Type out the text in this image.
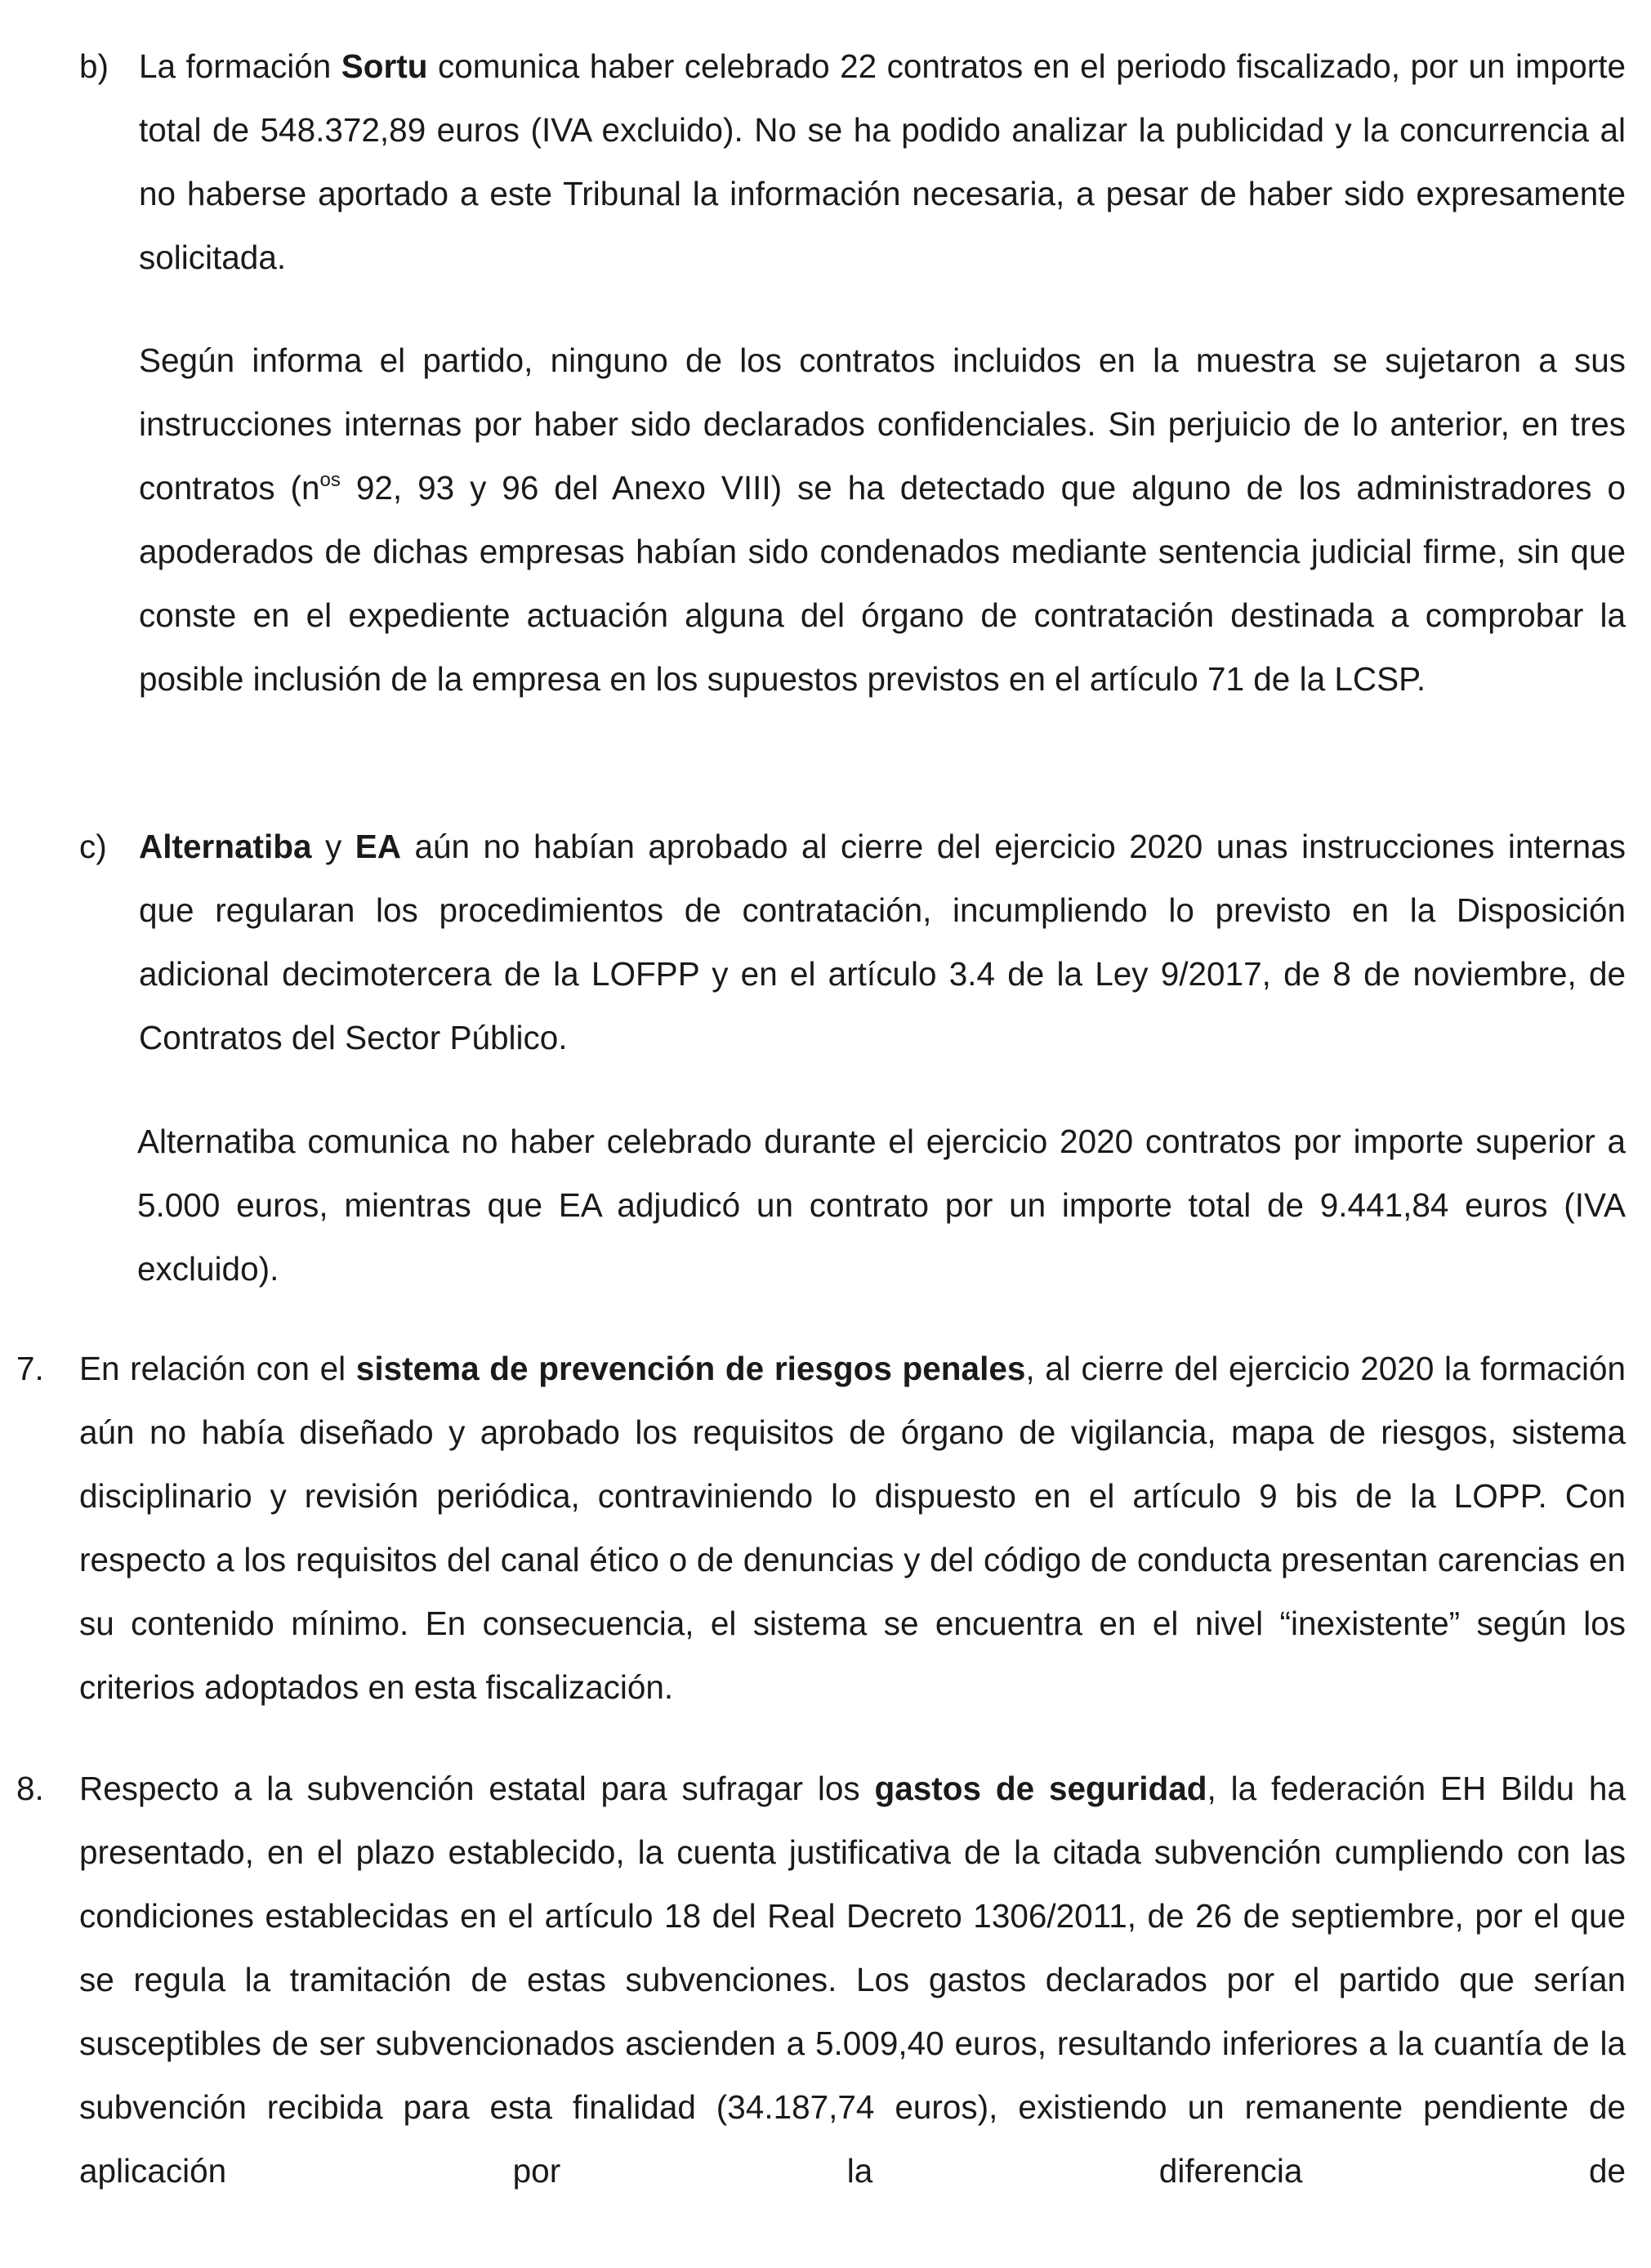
b) La formación Sortu comunica haber celebrado 22 contratos en el periodo fiscalizado, por un importe total de 548.372,89 euros (IVA excluido). No se ha podido analizar la publicidad y la concurrencia al no haberse aportado a este Tribunal la información necesaria, a pesar de haber sido expresamente solicitada.

Según informa el partido, ninguno de los contratos incluidos en la muestra se sujetaron a sus instrucciones internas por haber sido declarados confidenciales. Sin perjuicio de lo anterior, en tres contratos ($n^{os}$ 92, 93 y 96 del Anexo VIII) se ha detectado que alguno de los administradores o apoderados de dichas empresas habían sido condenados mediante sentencia judicial firme, sin que conste en el expediente actuación alguna del órgano de contratación destinada a comprobar la posible inclusión de la empresa en los supuestos previstos en el artículo 71 de la LCSP.

c) Alternatiba y EA aún no habían aprobado al cierre del ejercicio 2020 unas instrucciones internas que regularan los procedimientos de contratación, incumpliendo lo previsto en la Disposición adicional decimotercera de la LOFPP y en el artículo 3.4 de la Ley 9/2017, de 8 de noviembre, de Contratos del Sector Público.

Alternatiba comunica no haber celebrado durante el ejercicio 2020 contratos por importe superior a 5.000 euros, mientras que EA adjudicó un contrato por un importe total de 9.441,84 euros (IVA excluido).

7. En relación con el sistema de prevención de riesgos penales, al cierre del ejercicio 2020 la formación aún no había diseñado y aprobado los requisitos de órgano de vigilancia, mapa de riesgos, sistema disciplinario y revisión periódica, contraviniendo lo dispuesto en el artículo 9 bis de la LOPP. Con respecto a los requisitos del canal ético o de denuncias y del código de conducta presentan carencias en su contenido mínimo. En consecuencia, el sistema se encuentra en el nivel “inexistente” según los criterios adoptados en esta fiscalización.

8. Respecto a la subvención estatal para sufragar los gastos de seguridad, la federación EH Bildu ha presentado, en el plazo establecido, la cuenta justificativa de la citada subvención cumpliendo con las condiciones establecidas en el artículo 18 del Real Decreto 1306/2011, de 26 de septiembre, por el que se regula la tramitación de estas subvenciones. Los gastos declarados por el partido que serían susceptibles de ser subvencionados ascienden a 5.009,40 euros, resultando inferiores a la cuantía de la subvención recibida para esta finalidad (34.187,74 euros), existiendo un remanente pendiente de aplicación por la diferencia de
